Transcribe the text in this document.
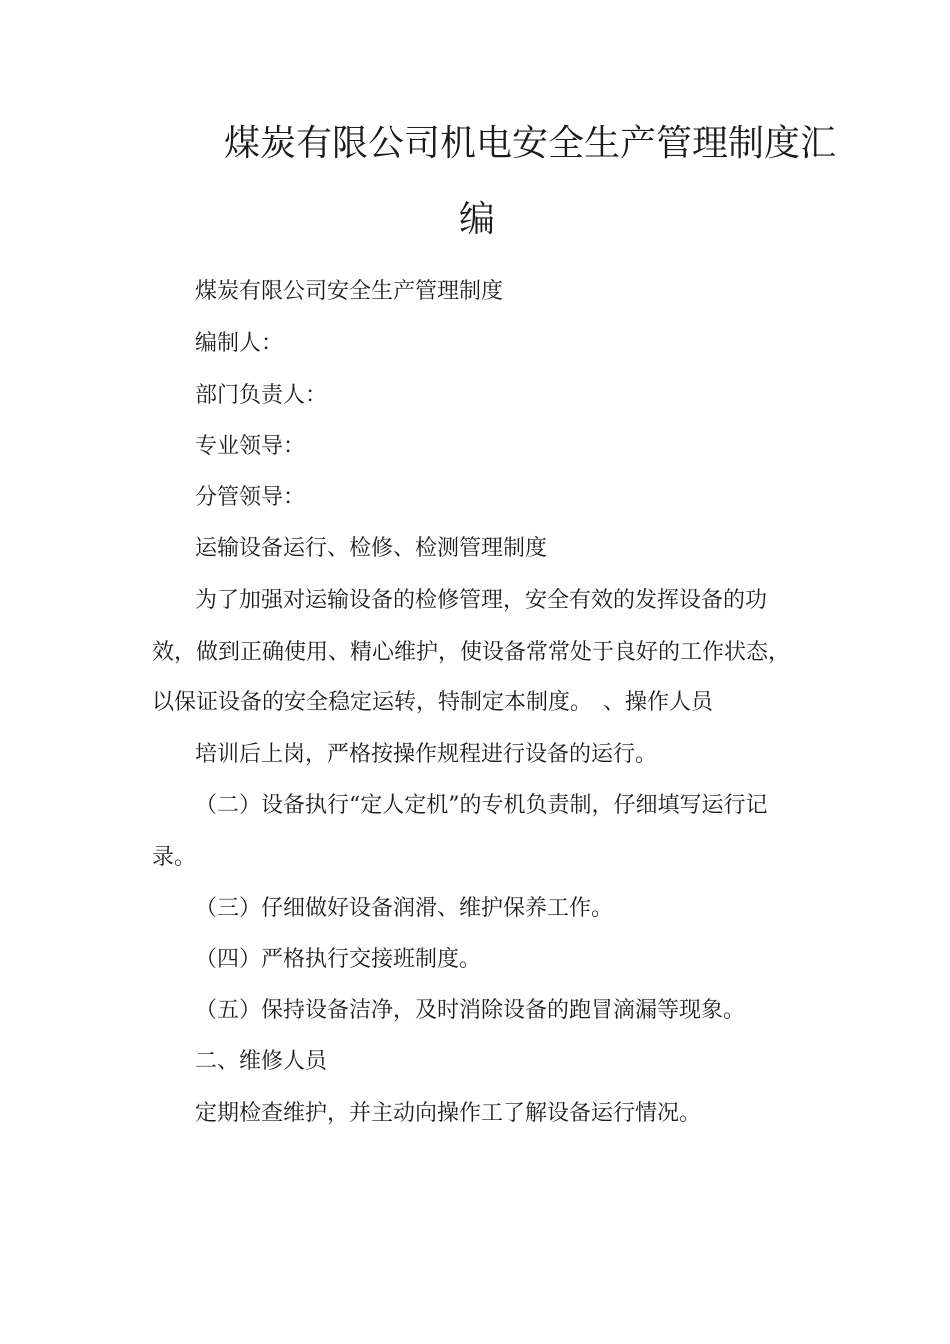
煤炭有限公司机电安全生产管理制度汇
编
煤炭有限公司安全生产管理制度
编制人：
部门负责人：
专业领导：
分管领导：
运输设备运行、检修、检测管理制度
为了加强对运输设备的检修管理，安全有效的发挥设备的功
效，做到正确使用、精心维护，使设备常常处于良好的工作状态，
以保证设备的安全稳定运转，特制定本制度。　、操作人员
培训后上岗，严格按操作规程进行设备的运行。
（二）设备执行“定人定机”的专机负责制，仔细填写运行记
录。
（三）仔细做好设备润滑、维护保养工作。
（四）严格执行交接班制度。
（五）保持设备洁净，及时消除设备的跑冒滴漏等现象。
二、维修人员
定期检查维护，并主动向操作工了解设备运行情况。
